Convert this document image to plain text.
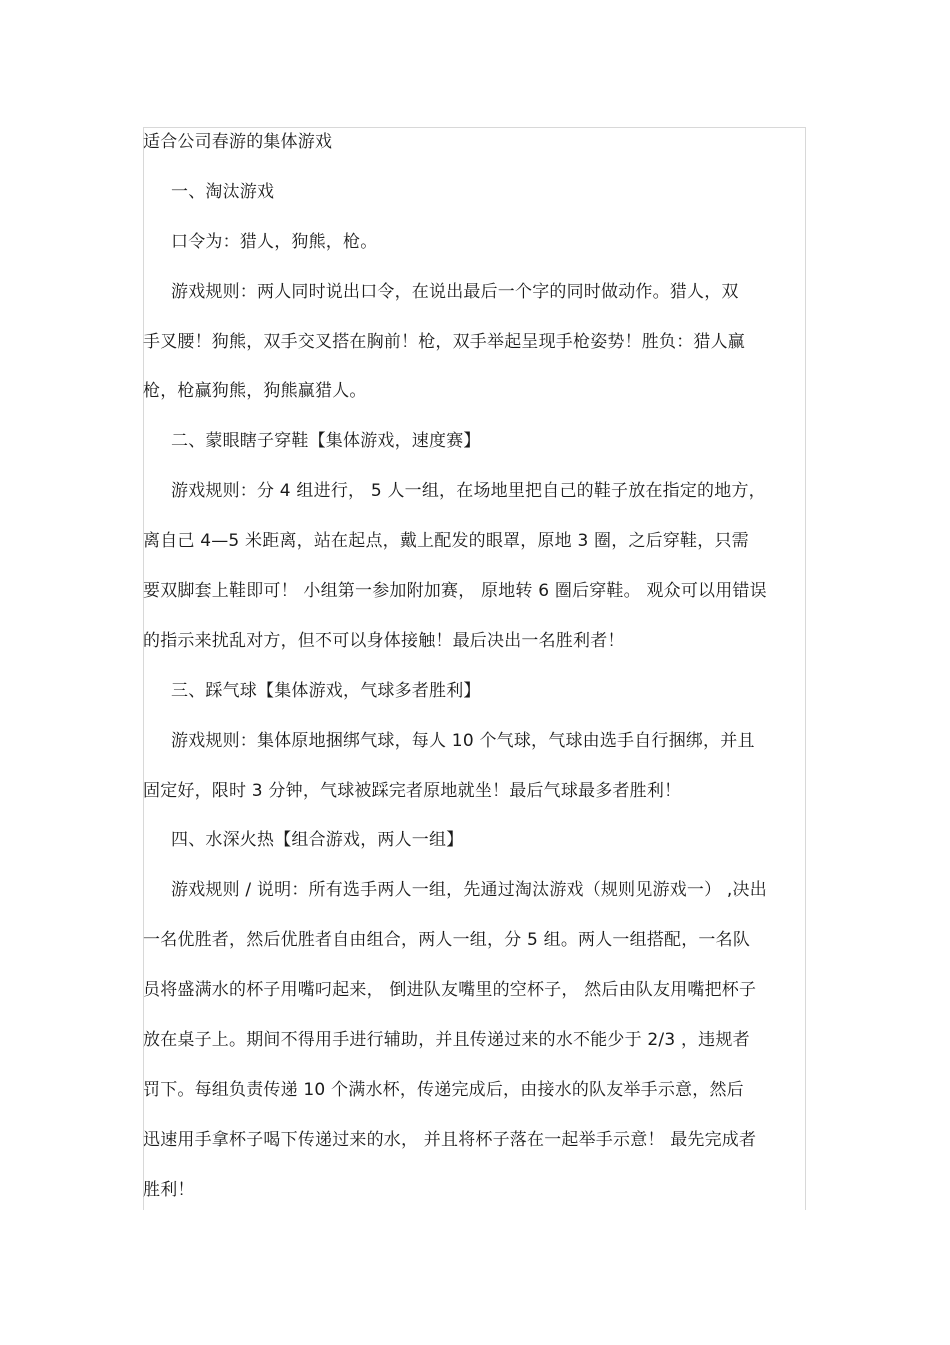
适合公司春游的集体游戏
一、淘汰游戏
口令为：猎人，狗熊，枪。
游戏规则：两人同时说出口令，在说出最后一个字的同时做动作。猎人，双
手叉腰！狗熊，双手交叉搭在胸前！枪，双手举起呈现手枪姿势！胜负：猎人赢
枪，枪赢狗熊，狗熊赢猎人。
二、蒙眼瞎子穿鞋【集体游戏，速度赛】
游戏规则：分 4 组进行， 5 人一组，在场地里把自己的鞋子放在指定的地方，
离自己 4—5 米距离，站在起点，戴上配发的眼罩，原地 3 圈，之后穿鞋，只需
要双脚套上鞋即可！ 小组第一参加附加赛， 原地转 6 圈后穿鞋。 观众可以用错误
的指示来扰乱对方，但不可以身体接触！最后决出一名胜利者！
三、踩气球【集体游戏，气球多者胜利】
游戏规则：集体原地捆绑气球，每人 10 个气球，气球由选手自行捆绑，并且
固定好，限时 3 分钟，气球被踩完者原地就坐！最后气球最多者胜利！
四、水深火热【组合游戏，两人一组】
游戏规则 / 说明：所有选手两人一组，先通过淘汰游戏（规则见游戏一） ,决出
一名优胜者，然后优胜者自由组合，两人一组，分 5 组。两人一组搭配，一名队
员将盛满水的杯子用嘴叼起来， 倒进队友嘴里的空杯子， 然后由队友用嘴把杯子
放在桌子上。期间不得用手进行辅助，并且传递过来的水不能少于 2/3 ，违规者
罚下。每组负责传递 10 个满水杯，传递完成后，由接水的队友举手示意，然后
迅速用手拿杯子喝下传递过来的水， 并且将杯子落在一起举手示意！ 最先完成者
胜利！
